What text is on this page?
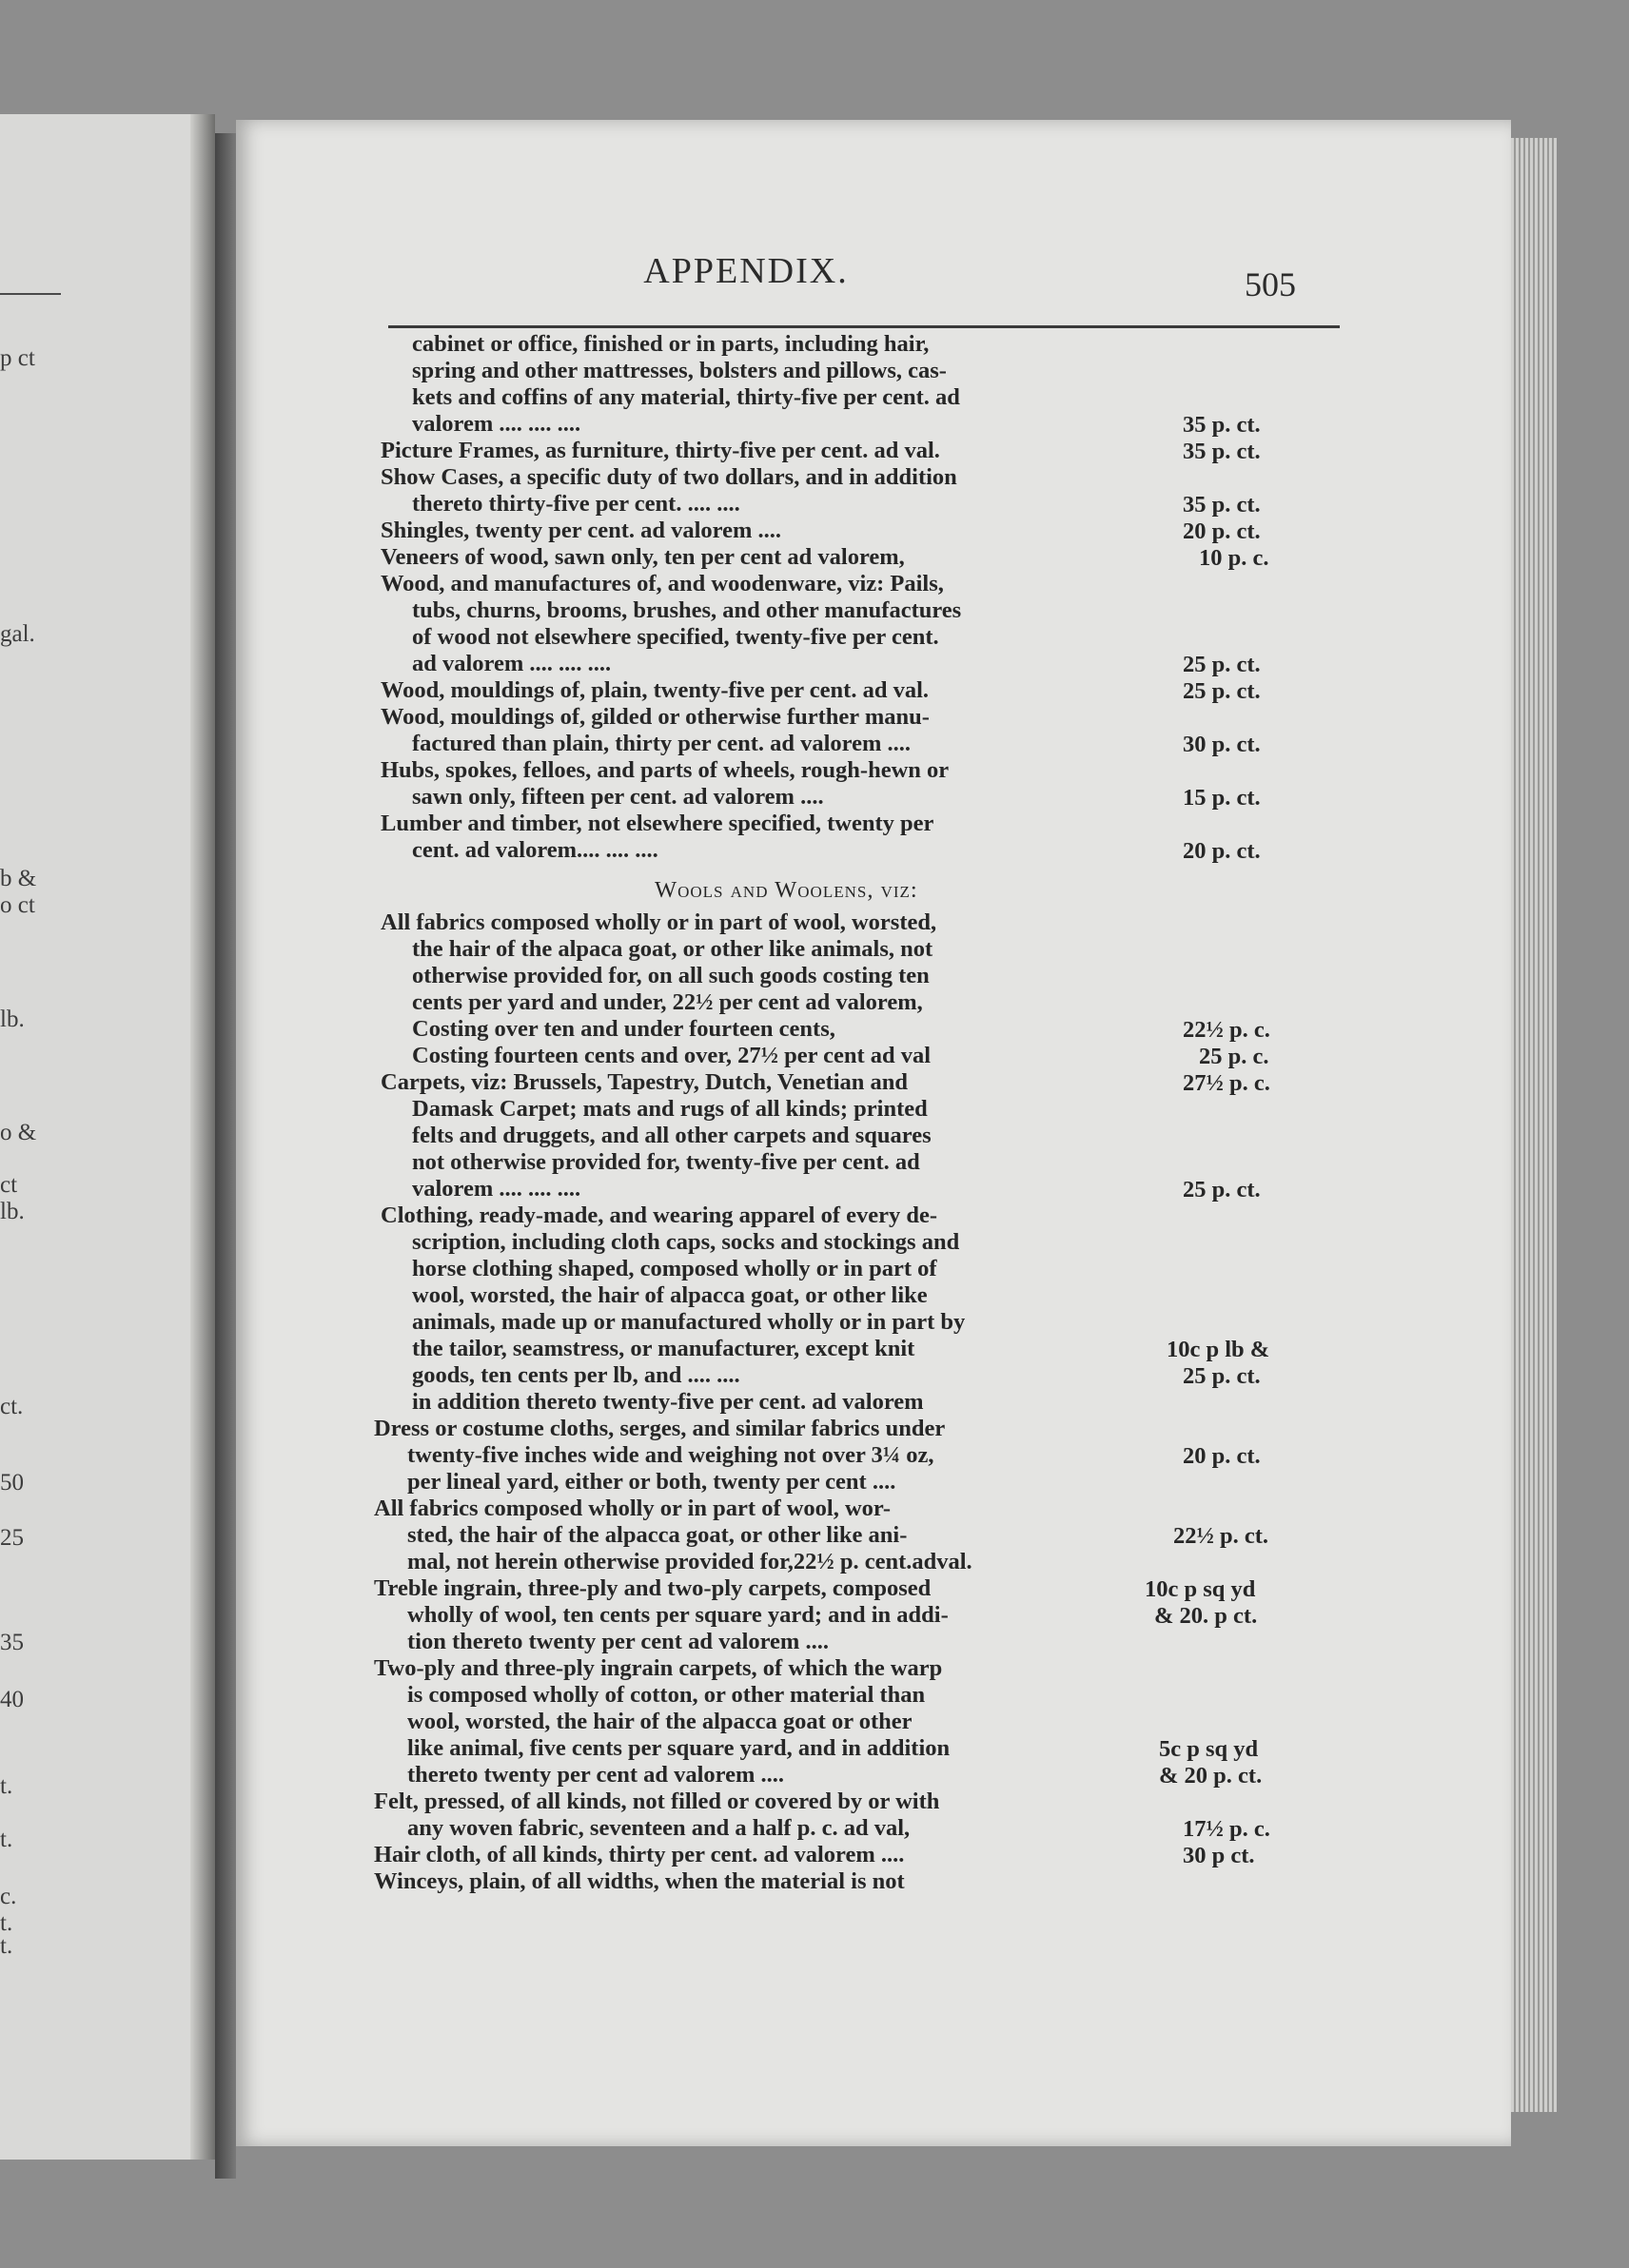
p ct
gal.
b &
o ct
lb.
o &
ct
lb.
ct.
50
25
35
40
t.
t.
c.
t.
t.
APPENDIX.	505
cabinet or office, finished or in parts, including hair,
spring and other mattresses, bolsters and pillows, cas-
kets and coffins of any material, thirty-five per cent. ad
valorem .... .... ....
Picture Frames, as furniture, thirty-five per cent. ad val.
Show Cases, a specific duty of two dollars, and in addition
thereto thirty-five per cent. .... ....
Shingles, twenty per cent. ad valorem ....
Veneers of wood, sawn only, ten per cent ad valorem,
Wood, and manufactures of, and woodenware, viz: Pails,
tubs, churns, brooms, brushes, and other manufactures
of wood not elsewhere specified, twenty-five per cent.
ad valorem .... .... ....
Wood, mouldings of, plain, twenty-five per cent. ad val.
Wood, mouldings of, gilded or otherwise further manu-
factured than plain, thirty per cent. ad valorem ....
Hubs, spokes, felloes, and parts of wheels, rough-hewn or
sawn only, fifteen per cent. ad valorem ....
Lumber and timber, not elsewhere specified, twenty per
cent. ad valorem.... .... ....
Wools and Woolens, viz:
All fabrics composed wholly or in part of wool, worsted,
the hair of the alpaca goat, or other like animals, not
otherwise provided for, on all such goods costing ten
cents per yard and under, 22½ per cent ad valorem,
Costing over ten and under fourteen cents,
Costing fourteen cents and over, 27½ per cent ad val
Carpets, viz: Brussels, Tapestry, Dutch, Venetian and
Damask Carpet; mats and rugs of all kinds; printed
felts and druggets, and all other carpets and squares
not otherwise provided for, twenty-five per cent. ad
valorem .... .... ....
Clothing, ready-made, and wearing apparel of every de-
scription, including cloth caps, socks and stockings and
horse clothing shaped, composed wholly or in part of
wool, worsted, the hair of alpacca goat, or other like
animals, made up or manufactured wholly or in part by
the tailor, seamstress, or manufacturer, except knit
goods, ten cents per lb, and .... ....
in addition thereto twenty-five per cent. ad valorem
Dress or costume cloths, serges, and similar fabrics under
twenty-five inches wide and weighing not over 3¼ oz,
per lineal yard, either or both, twenty per cent ....
All fabrics composed wholly or in part of wool, wor-
sted, the hair of the alpacca goat, or other like ani-
mal, not herein otherwise provided for,22½ p. cent.adval.
Treble ingrain, three-ply and two-ply carpets, composed
wholly of wool, ten cents per square yard; and in addi-
tion thereto twenty per cent ad valorem ....
Two-ply and three-ply ingrain carpets, of which the warp
is composed wholly of cotton, or other material than
wool, worsted, the hair of the alpacca goat or other
like animal, five cents per square yard, and in addition
thereto twenty per cent ad valorem ....
Felt, pressed, of all kinds, not filled or covered by or with
any woven fabric, seventeen and a half p. c. ad val,
Hair cloth, of all kinds, thirty per cent. ad valorem ....
Winceys, plain, of all widths, when the material is not
35 p. ct.
35 p. ct.
35 p. ct.
20 p. ct.
10 p. c.
25 p. ct.
25 p. ct.
30 p. ct.
15 p. ct.
20 p. ct.
22½ p. c.
25 p. c.
27½ p. c.
25 p. ct.
10c p lb &
25 p. ct.
20 p. ct.
22½ p. ct.
10c p sq yd
& 20. p ct.
5c p sq yd
& 20 p. ct.
17½ p. c.
30 p ct.
